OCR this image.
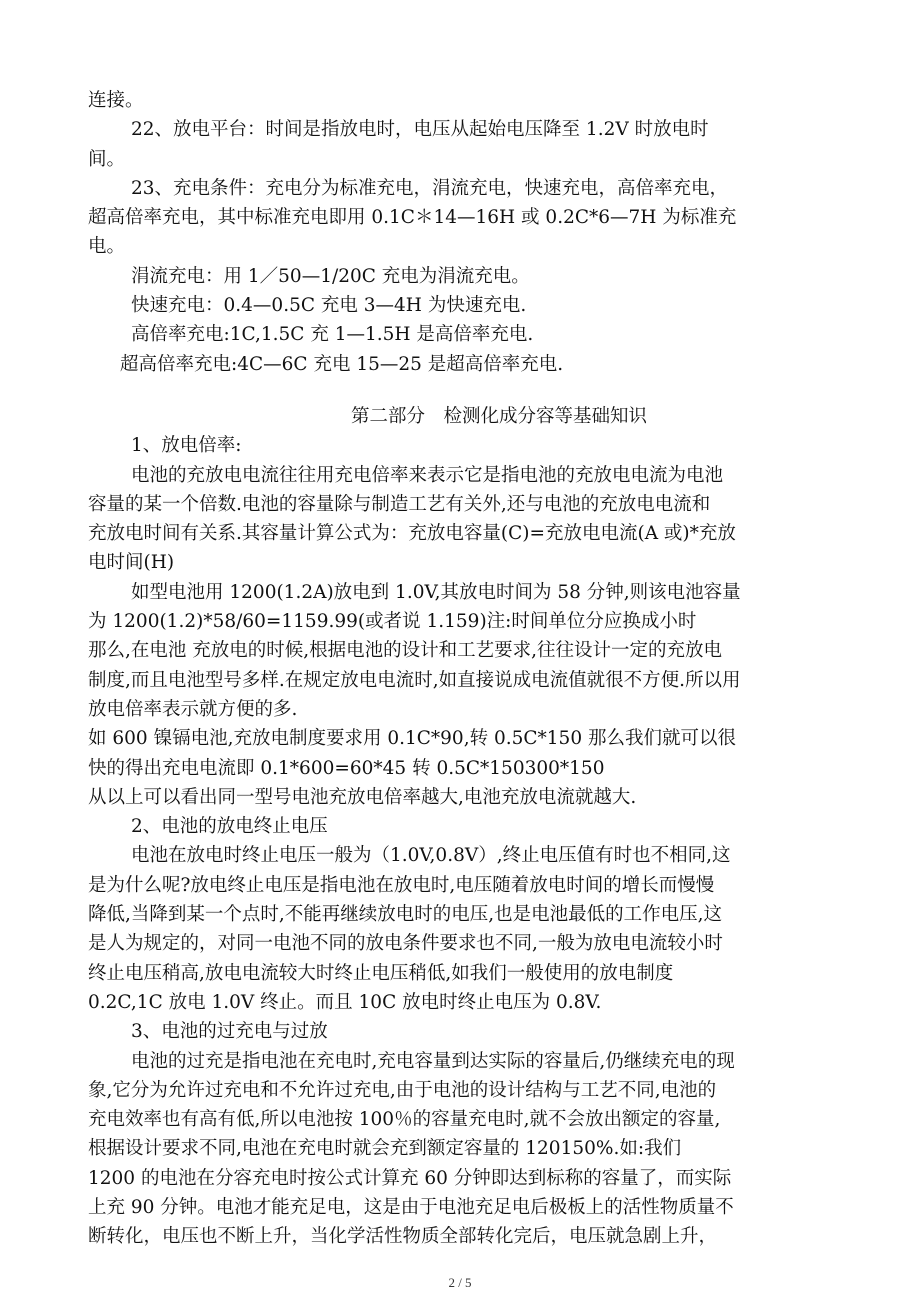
连接。
22、放电平台：时间是指放电时，电压从起始电压降至 1.2V 时放电时
间。
23、充电条件：充电分为标准充电，涓流充电，快速充电，高倍率充电，
超高倍率充电，其中标准充电即用 0.1C＊14—16H 或 0.2C*6—7H 为标准充
电。
涓流充电：用 1／50—1/20C 充电为涓流充电。
快速充电：0.4—0.5C 充电 3—4H 为快速充电.
高倍率充电:1C,1.5C 充 1—1.5H 是高倍率充电.
超高倍率充电:4C—6C 充电 15—25 是超高倍率充电.
第二部分　检测化成分容等基础知识
1、放电倍率:
电池的充放电电流往往用充电倍率来表示它是指电池的充放电电流为电池
容量的某一个倍数.电池的容量除与制造工艺有关外,还与电池的充放电电流和
充放电时间有关系.其容量计算公式为：充放电容量(C)=充放电电流(A 或)*充放
电时间(H)
如型电池用 1200(1.2A)放电到 1.0V,其放电时间为 58 分钟,则该电池容量
为 1200(1.2)*58/60=1159.99(或者说 1.159)注:时间单位分应换成小时
那么,在电池 充放电的时候,根据电池的设计和工艺要求,往往设计一定的充放电
制度,而且电池型号多样.在规定放电电流时,如直接说成电流值就很不方便.所以用
放电倍率表示就方便的多.
如 600 镍镉电池,充放电制度要求用 0.1C*90,转 0.5C*150 那么我们就可以很
快的得出充电电流即 0.1*600=60*45 转 0.5C*150300*150
从以上可以看出同一型号电池充放电倍率越大,电池充放电流就越大.
2、电池的放电终止电压
电池在放电时终止电压一般为（1.0V,0.8V）,终止电压值有时也不相同,这
是为什么呢?放电终止电压是指电池在放电时,电压随着放电时间的增长而慢慢
降低,当降到某一个点时,不能再继续放电时的电压,也是电池最低的工作电压,这
是人为规定的，对同一电池不同的放电条件要求也不同,一般为放电电流较小时
终止电压稍高,放电电流较大时终止电压稍低,如我们一般使用的放电制度
0.2C,1C 放电 1.0V 终止。而且 10C 放电时终止电压为 0.8V.
3、电池的过充电与过放
电池的过充是指电池在充电时,充电容量到达实际的容量后,仍继续充电的现
象,它分为允许过充电和不允许过充电,由于电池的设计结构与工艺不同,电池的
充电效率也有高有低,所以电池按 100％的容量充电时,就不会放出额定的容量,
根据设计要求不同,电池在充电时就会充到额定容量的 120150%.如:我们
1200 的电池在分容充电时按公式计算充 60 分钟即达到标称的容量了，而实际
上充 90 分钟。电池才能充足电，这是由于电池充足电后极板上的活性物质量不
断转化，电压也不断上升，当化学活性物质全部转化完后，电压就急剧上升，
2 / 5
